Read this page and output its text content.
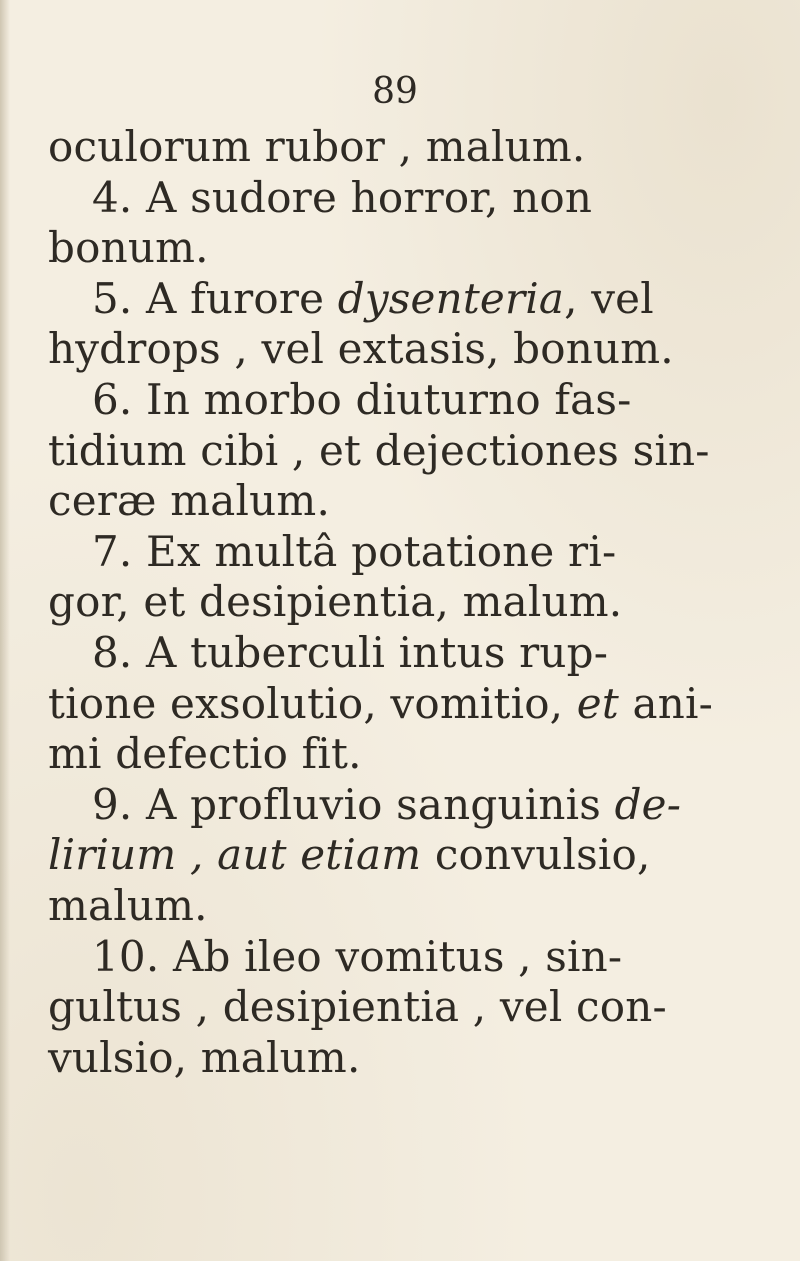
89
oculorum rubor , malum.
4. A sudore horror, non
bonum.
5. A furore dysenteria, vel
hydrops , vel extasis, bonum.
6. In morbo diuturno fas-
tidium cibi , et dejectiones sin-
ceræ malum.
7. Ex multâ potatione ri-
gor, et desipientia, malum.
8. A tuberculi intus rup-
tione exsolutio, vomitio, et ani-
mi defectio fit.
9. A profluvio sanguinis de-
lirium , aut etiam convulsio,
malum.
10. Ab ileo vomitus , sin-
gultus , desipientia , vel con-
vulsio, malum.
